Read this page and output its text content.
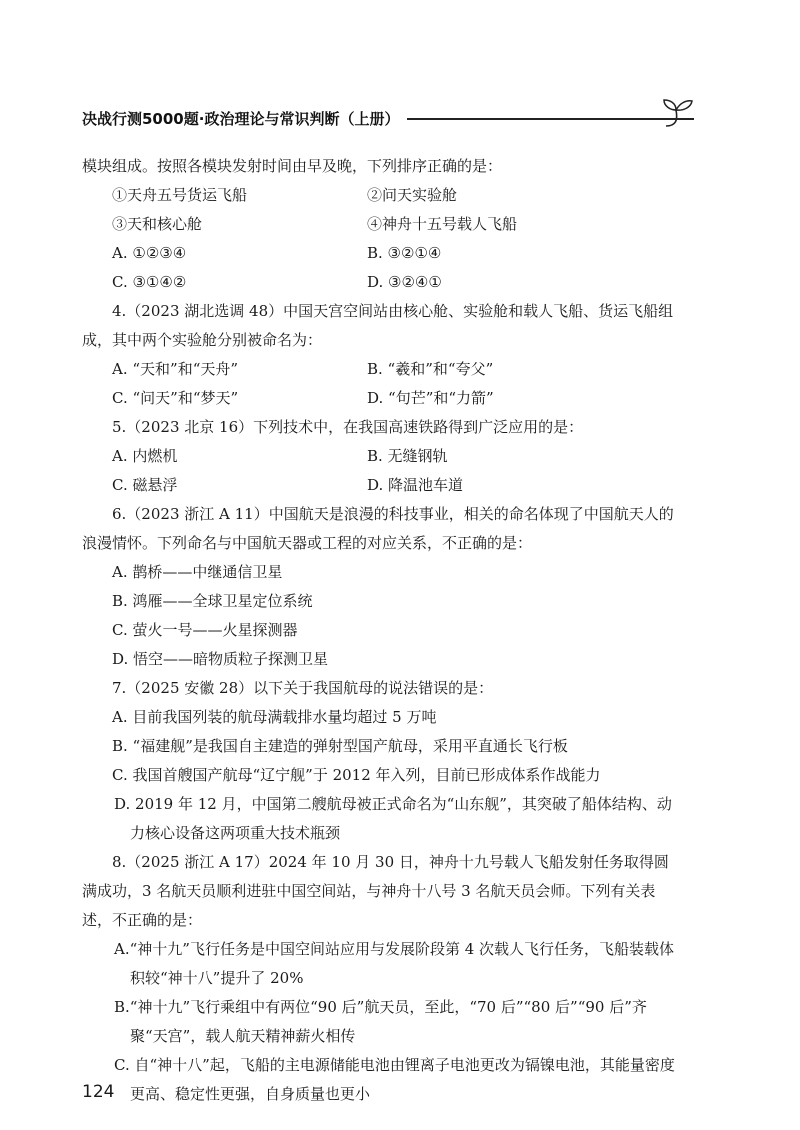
决战行测5000题·政治理论与常识判断（上册）

模块组成。按照各模块发射时间由早及晚，下列排序正确的是：

①天舟五号货运飞船	②问天实验舱
③天和核心舱	④神舟十五号载人飞船
A. ①②③④	B. ③②①④
C. ③①④②	D. ③②④①

4.（2023 湖北选调 48）中国天宫空间站由核心舱、实验舱和载人飞船、货运飞船组成，其中两个实验舱分别被命名为：

A. “天和”和“天舟”	B. “羲和”和“夸父”
C. “问天”和“梦天”	D. “句芒”和“力箭”

5.（2023 北京 16）下列技术中，在我国高速铁路得到广泛应用的是：

A. 内燃机	B. 无缝钢轨
C. 磁悬浮	D. 降温池车道

6.（2023 浙江 A 11）中国航天是浪漫的科技事业，相关的命名体现了中国航天人的浪漫情怀。下列命名与中国航天器或工程的对应关系，不正确的是：

A. 鹊桥——中继通信卫星
B. 鸿雁——全球卫星定位系统
C. 萤火一号——火星探测器
D. 悟空——暗物质粒子探测卫星

7.（2025 安徽 28）以下关于我国航母的说法错误的是：

A. 目前我国列装的航母满载排水量均超过 5 万吨
B. “福建舰”是我国自主建造的弹射型国产航母，采用平直通长飞行板
C. 我国首艘国产航母“辽宁舰”于 2012 年入列，目前已形成体系作战能力
D. 2019 年 12 月，中国第二艘航母被正式命名为“山东舰”，其突破了船体结构、动力核心设备这两项重大技术瓶颈

8.（2025 浙江 A 17）2024 年 10 月 30 日，神舟十九号载人飞船发射任务取得圆满成功，3 名航天员顺利进驻中国空间站，与神舟十八号 3 名航天员会师。下列有关表述，不正确的是：

A.“神十九”飞行任务是中国空间站应用与发展阶段第 4 次载人飞行任务，飞船装载体积较“神十八”提升了 20%
B.“神十九”飞行乘组中有两位“90 后”航天员，至此，“70 后”“80 后”“90 后”齐聚“天宫”，载人航天精神薪火相传
C. 自“神十八”起，飞船的主电源储能电池由锂离子电池更改为镉镍电池，其能量密度更高、稳定性更强，自身质量也更小
124
